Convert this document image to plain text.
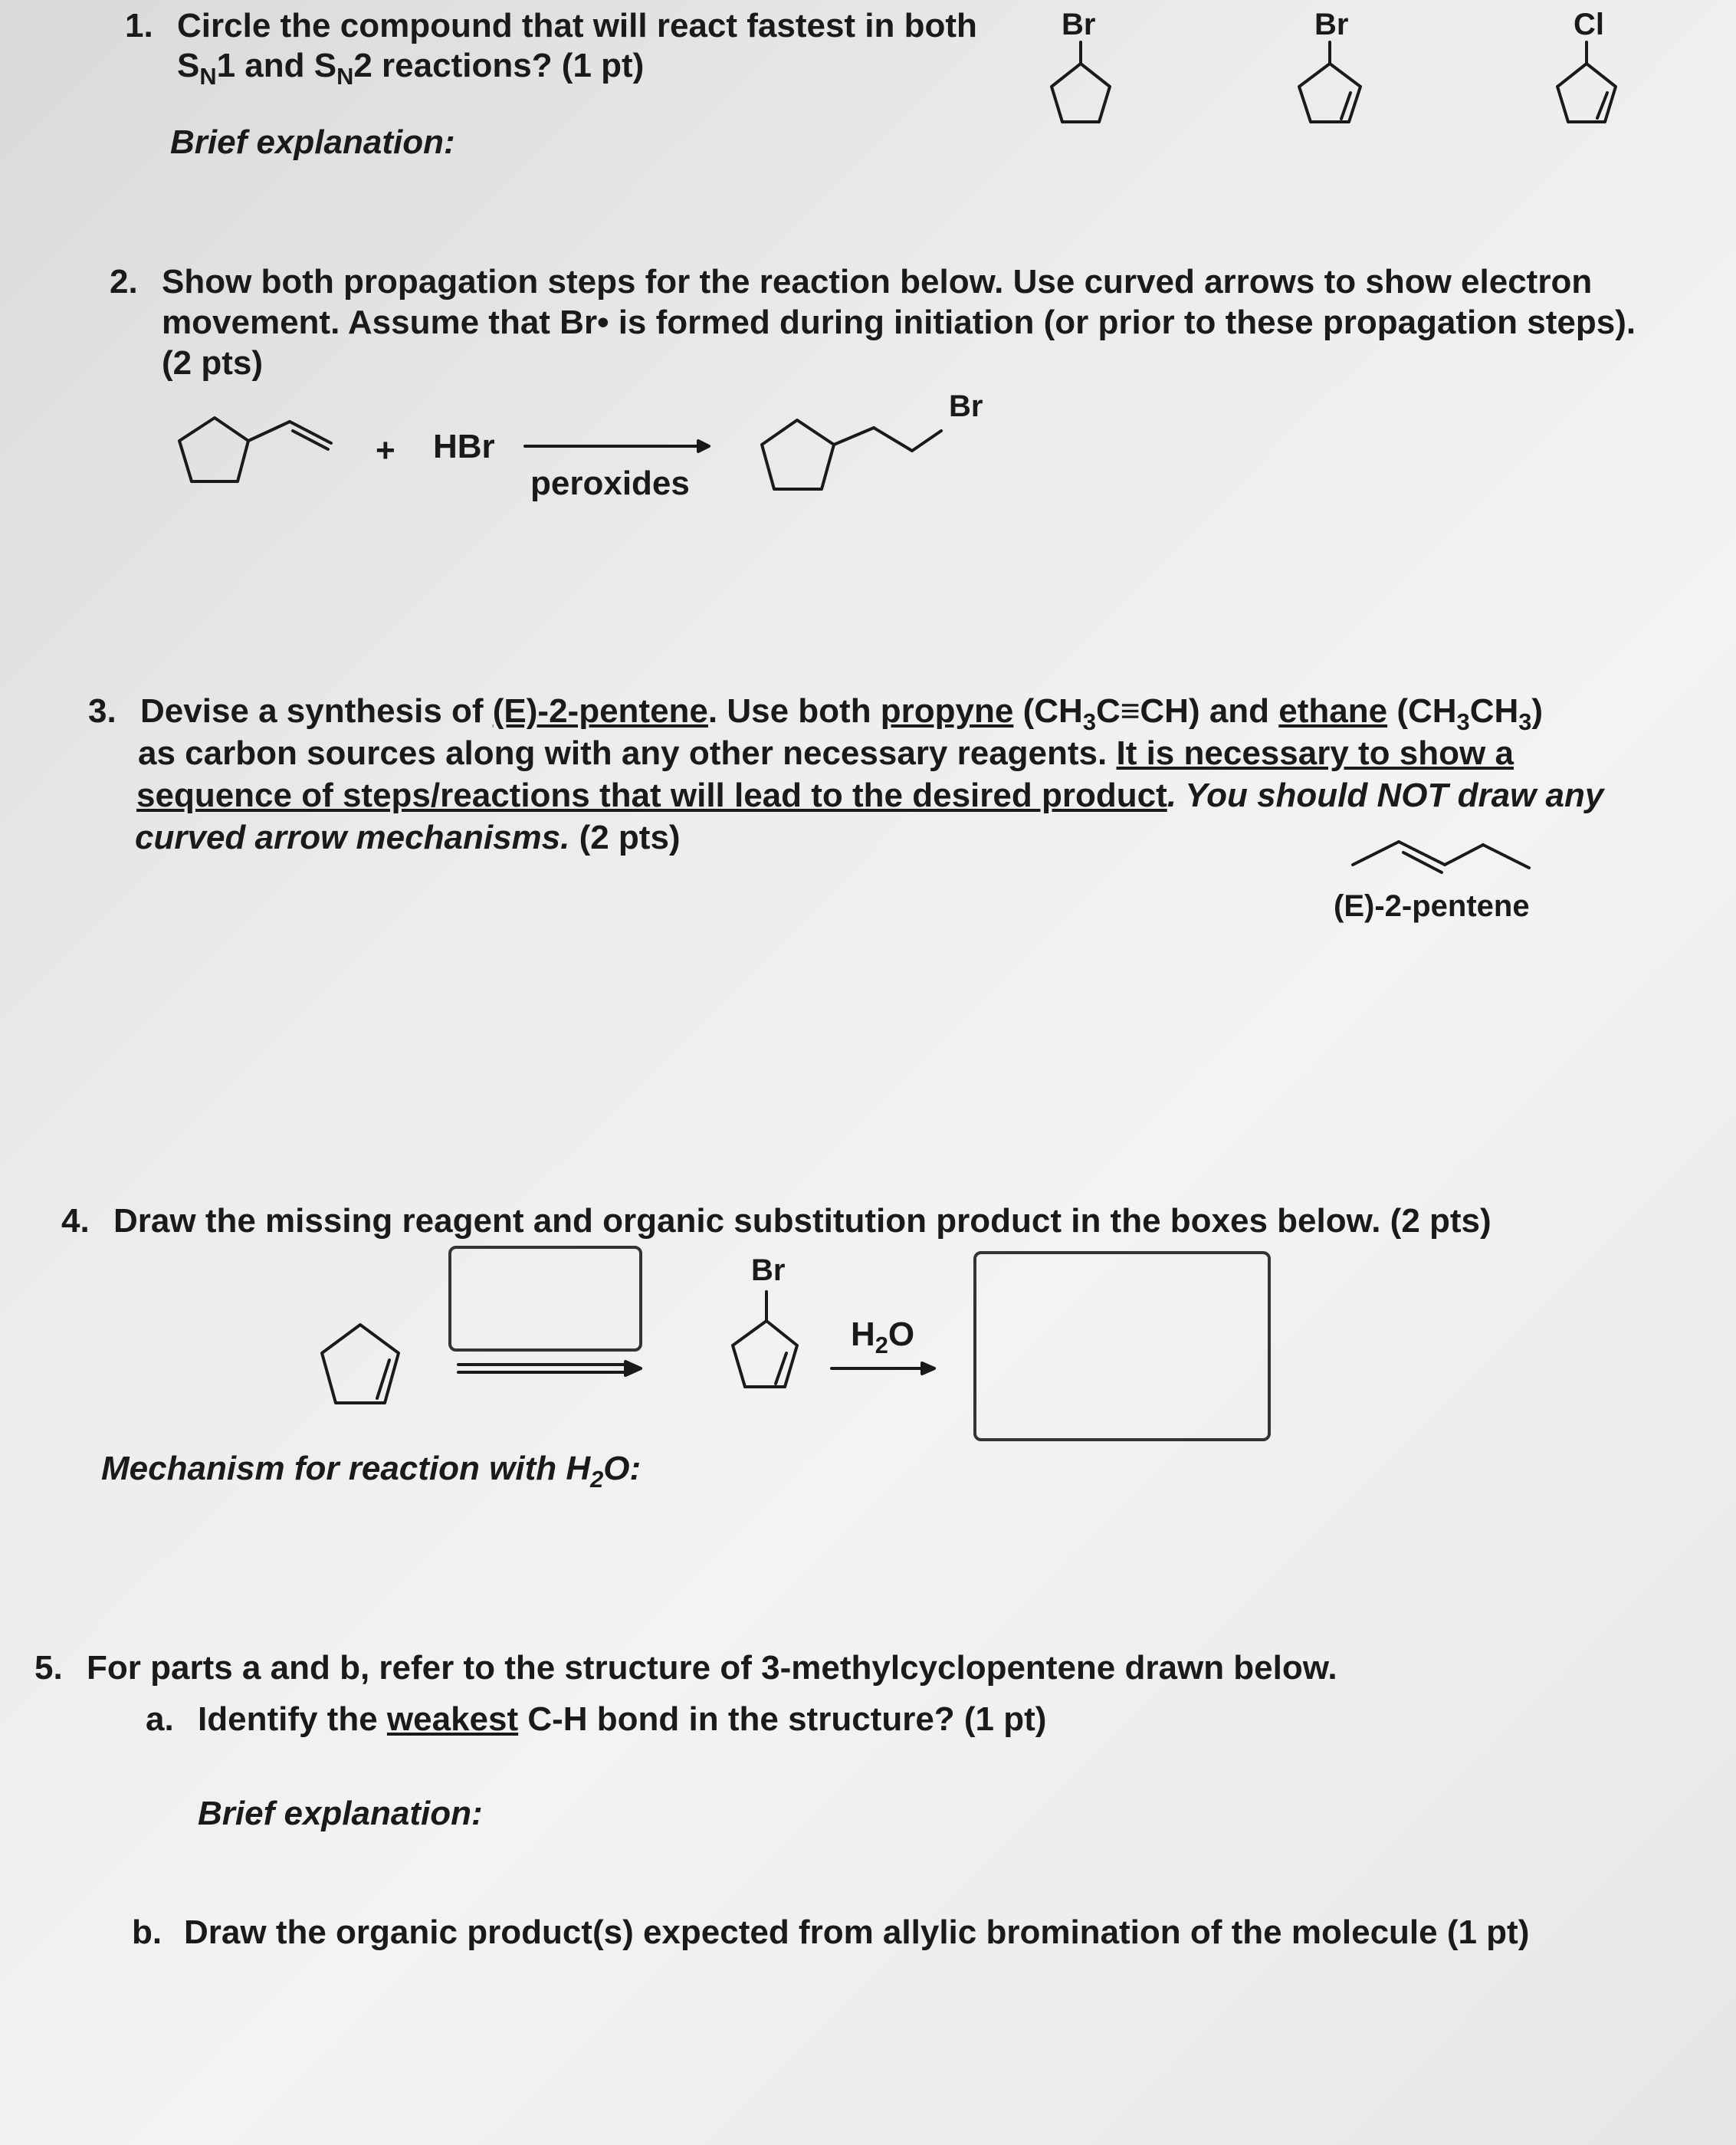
1. Circle the compound that will react fastest in both
$S_N1$ and $S_N2$ reactions? (1 pt)
Brief explanation:
Br	Br	Cl
2. Show both propagation steps for the reaction below. Use curved arrows to show electron
movement. Assume that Br• is formed during initiation (or prior to these propagation steps).
(2 pts)
+ HBr
peroxides
Br
3. Devise a synthesis of (E)-2-pentene. Use both propyne $(CH_3C\equiv CH)$ and ethane $(CH_3CH_3)$
as carbon sources along with any other necessary reagents. It is necessary to show a
sequence of steps/reactions that will lead to the desired product. You should NOT draw any
curved arrow mechanisms. (2 pts)
(E)-2-pentene
4. Draw the missing reagent and organic substitution product in the boxes below. (2 pts)
Br
$H_2O$
Mechanism for reaction with $H_2O$:
5. For parts a and b, refer to the structure of 3-methylcyclopentene drawn below.
a. Identify the weakest C-H bond in the structure? (1 pt)
Brief explanation:
b. Draw the organic product(s) expected from allylic bromination of the molecule (1 pt)
